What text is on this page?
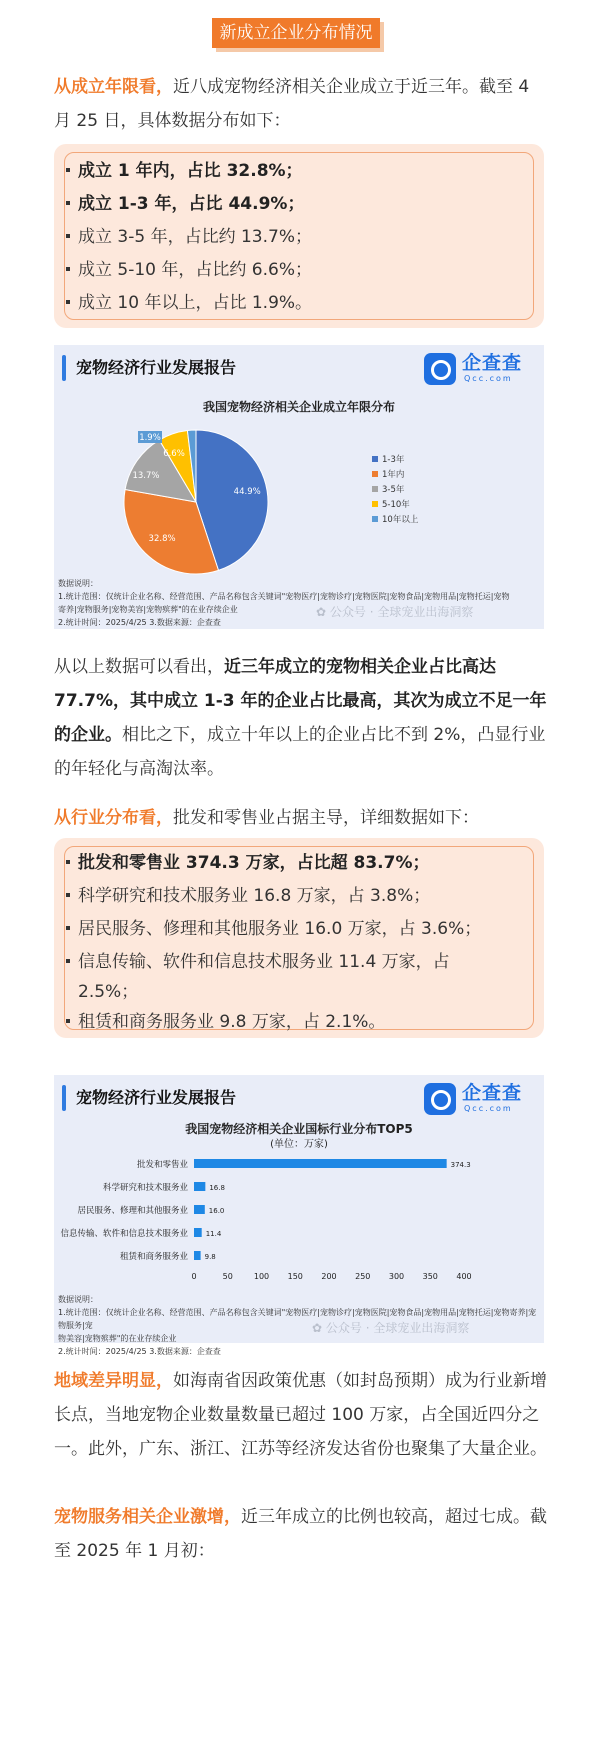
新成立企业分布情况
从成立年限看，近八成宠物经济相关企业成立于近三年。截至 4 月 25 日，具体数据分布如下：
成立 1 年内，占比 32.8%；
成立 1-3 年，占比 44.9%；
成立 3-5 年，占比约 13.7%；
成立 5-10 年，占比约 6.6%；
成立 10 年以上，占比 1.9%。
宠物经济行业发展报告	企查查
Qcc.com
我国宠物经济相关企业成立年限分布
44.9%
32.8%
13.7%
6.6%
1.9%
1-3年
1年内
3-5年
5-10年
10年以上
数据说明：
1.统计范围：仅统计企业名称、经营范围、产品名称包含关键词"宠物医疗|宠物诊疗|宠物医院|宠物食品|宠物用品|宠物托运|宠物
寄养|宠物服务|宠物美容|宠物殡葬"的在业存续企业
2.统计时间：2025/4/25 3.数据来源：企查查
✿ 公众号 · 全球宠业出海洞察
从以上数据可以看出，近三年成立的宠物相关企业占比高达 77.7%，其中成立 1-3 年的企业占比最高，其次为成立不足一年的企业。相比之下，成立十年以上的企业占比不到 2%，凸显行业的年轻化与高淘汰率。
从行业分布看，批发和零售业占据主导，详细数据如下：
批发和零售业 374.3 万家，占比超 83.7%；
科学研究和技术服务业 16.8 万家，占 3.8%；
居民服务、修理和其他服务业 16.0 万家，占 3.6%；
信息传输、软件和信息技术服务业 11.4 万家，占 2.5%；
租赁和商务服务业 9.8 万家，占 2.1%。
宠物经济行业发展报告	企查查
Qcc.com
我国宠物经济相关企业国标行业分布TOP5
(单位：万家)
批发和零售业	374.3
科学研究和技术服务业	16.8
居民服务、修理和其他服务业	16.0
信息传输、软件和信息技术服务业	11.4
租赁和商务服务业 9.8
0	50	100 150 200 250 300 350 400
数据说明：
1.统计范围：仅统计企业名称、经营范围、产品名称包含关键词"宠物医疗|宠物诊疗|宠物医院|宠物食品|宠物用品|宠物托运|宠物寄养|宠物服务|宠
物美容|宠物殡葬"的在业存续企业
2.统计时间：2025/4/25 3.数据来源：企查查
✿ 公众号 · 全球宠业出海洞察
地域差异明显，如海南省因政策优惠（如封岛预期）成为行业新增长点，当地宠物企业数量数量已超过 100 万家，占全国近四分之一。此外，广东、浙江、江苏等经济发达省份也聚集了大量企业。
宠物服务相关企业激增，近三年成立的比例也较高，超过七成。截至 2025 年 1 月初：
